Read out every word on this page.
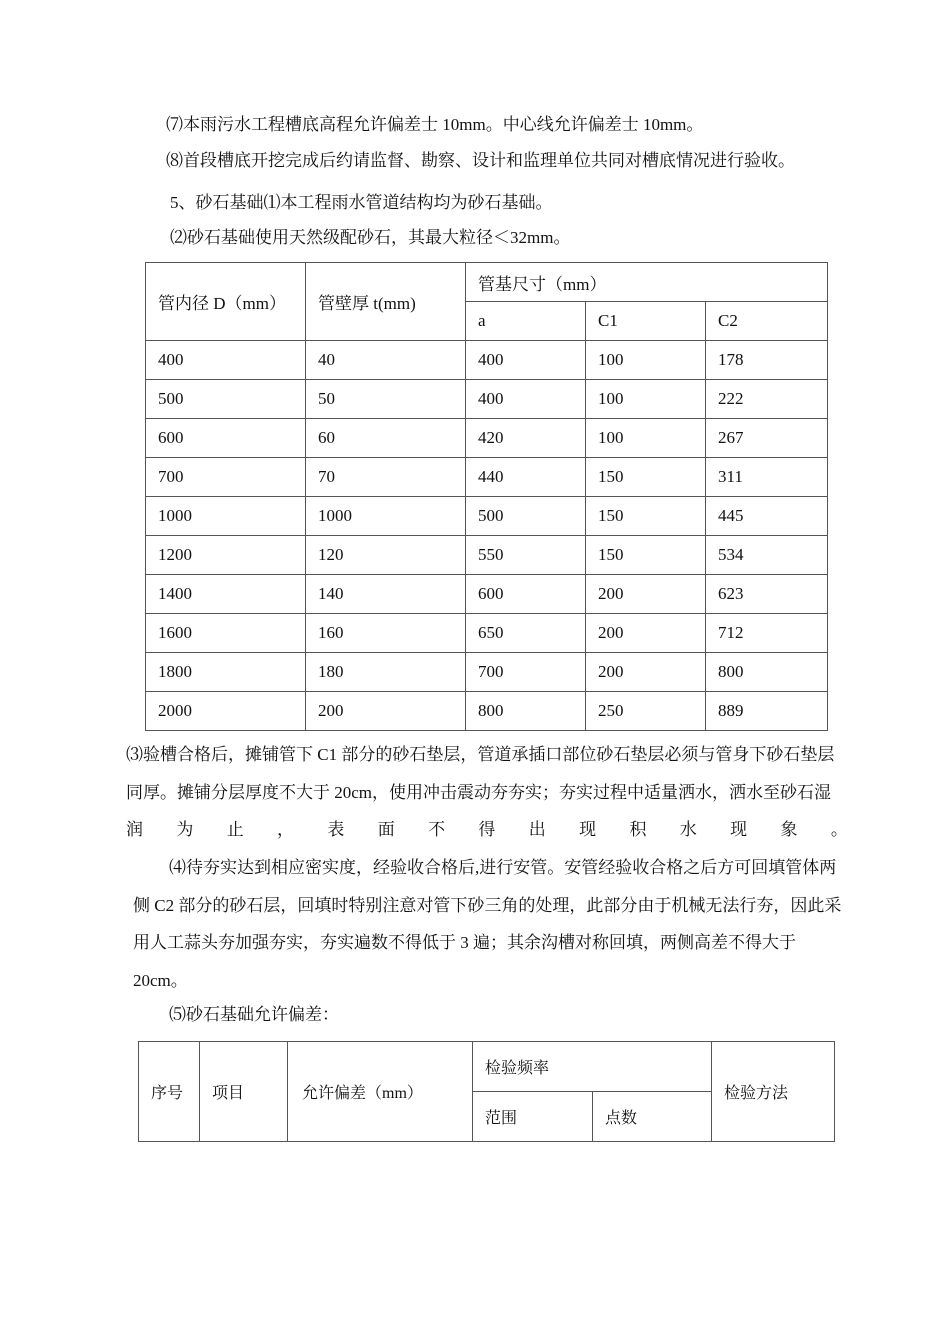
⑺本雨污水工程槽底高程允许偏差士 10mm。中心线允许偏差士 10mm。
⑻首段槽底开挖完成后约请监督、勘察、设计和监理单位共同对槽底情况进行验收。
5、砂石基础⑴本工程雨水管道结构均为砂石基础。
⑵砂石基础使用天然级配砂石，其最大粒径＜32mm。
管内径 D（mm）	管壁厚 t(mm)	管基尺寸（mm）		
		a	C1	C2
400	40	400	100	178
500	50	400	100	222
600	60	420	100	267
700	70	440	150	311
1000	1000	500	150	445
1200	120	550	150	534
1400	140	600	200	623
1600	160	650	200	712
1800	180	700	200	800
2000	200	800	250	889
⑶验槽合格后，摊铺管下 C1 部分的砂石垫层，管道承插口部位砂石垫层必须与管身下砂石垫层
同厚。摊铺分层厚度不大于 20cm，使用冲击震动夯夯实；夯实过程中适量洒水，洒水至砂石湿
润 为 止 ， 表 面 不 得 出 现 积 水 现 象 。
⑷待夯实达到相应密实度，经验收合格后,进行安管。安管经验收合格之后方可回填管体两
侧 C2 部分的砂石层，回填时特别注意对管下砂三角的处理，此部分由于机械无法行夯，因此采
用人工蒜头夯加强夯实，夯实遍数不得低于 3 遍；其余沟槽对称回填，两侧高差不得大于
20cm。
⑸砂石基础允许偏差：
序号	项目	允许偏差（mm）	检验频率		检验方法
			范围	点数	
